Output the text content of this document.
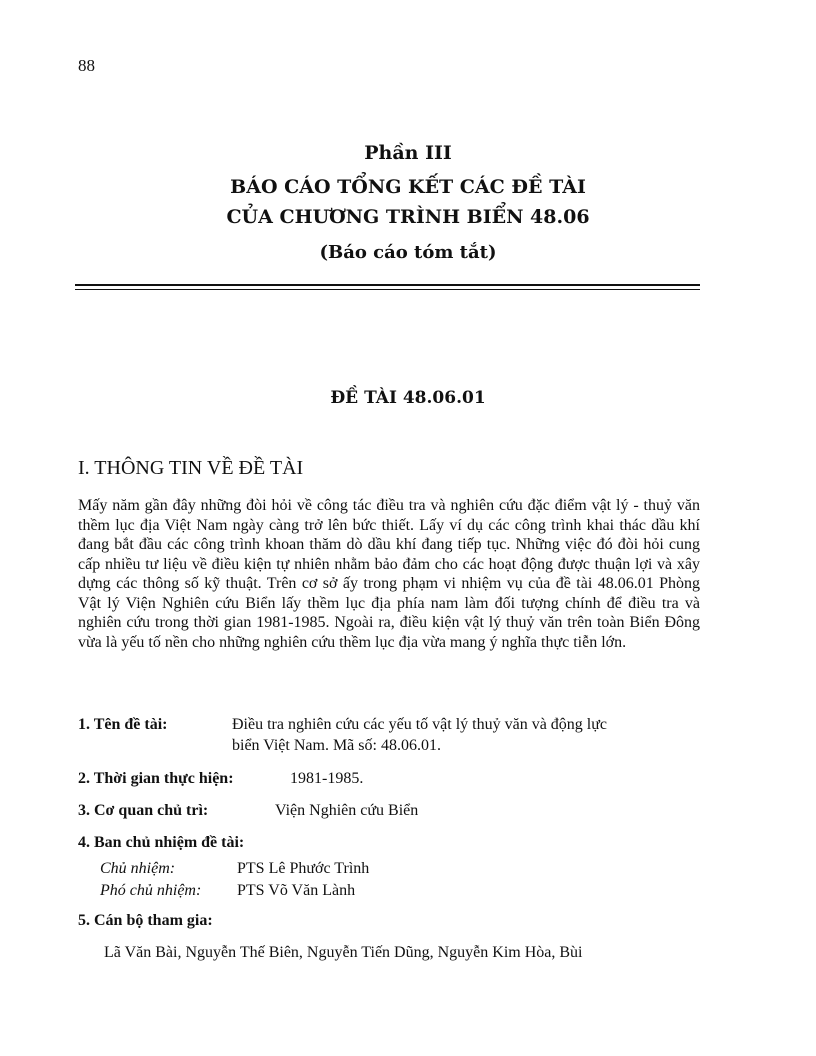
88
Phần III
BÁO CÁO TỔNG KẾT CÁC ĐỀ TÀI
CỦA CHƯƠNG TRÌNH BIỂN 48.06
(Báo cáo tóm tắt)
ĐỀ TÀI 48.06.01
I. THÔNG TIN VỀ ĐỀ TÀI

Mấy năm gần đây những đòi hỏi về công tác điều tra và nghiên cứu đặc điểm vật lý - thuỷ văn thềm lục địa Việt Nam ngày càng trở lên bức thiết. Lấy ví dụ các công trình khai thác dầu khí đang bắt đầu các công trình khoan thăm dò dầu khí đang tiếp tục. Những việc đó đòi hỏi cung cấp nhiều tư liệu về điều kiện tự nhiên nhằm bảo đảm cho các hoạt động được thuận lợi và xây dựng các thông số kỹ thuật. Trên cơ sở ấy trong phạm vi nhiệm vụ của đề tài 48.06.01 Phòng Vật lý Viện Nghiên cứu Biển lấy thềm lục địa phía nam làm đối tượng chính để điều tra và nghiên cứu trong thời gian 1981-1985. Ngoài ra, điều kiện vật lý thuỷ văn trên toàn Biển Đông vừa là yếu tố nền cho những nghiên cứu thềm lục địa vừa mang ý nghĩa thực tiễn lớn.

1. Tên đề tài:	Điều tra nghiên cứu các yếu tố vật lý thuỷ văn và động lực
biển Việt Nam. Mã số: 48.06.01.
2. Thời gian thực hiện:	1981-1985.
3. Cơ quan chủ trì:	Viện Nghiên cứu Biển
4. Ban chủ nhiệm đề tài:
Chủ nhiệm:	PTS Lê Phước Trình
Phó chủ nhiệm: PTS Võ Văn Lành
5. Cán bộ tham gia:
Lã Văn Bài, Nguyễn Thế Biên, Nguyễn Tiến Dũng, Nguyễn Kim Hòa, Bùi
